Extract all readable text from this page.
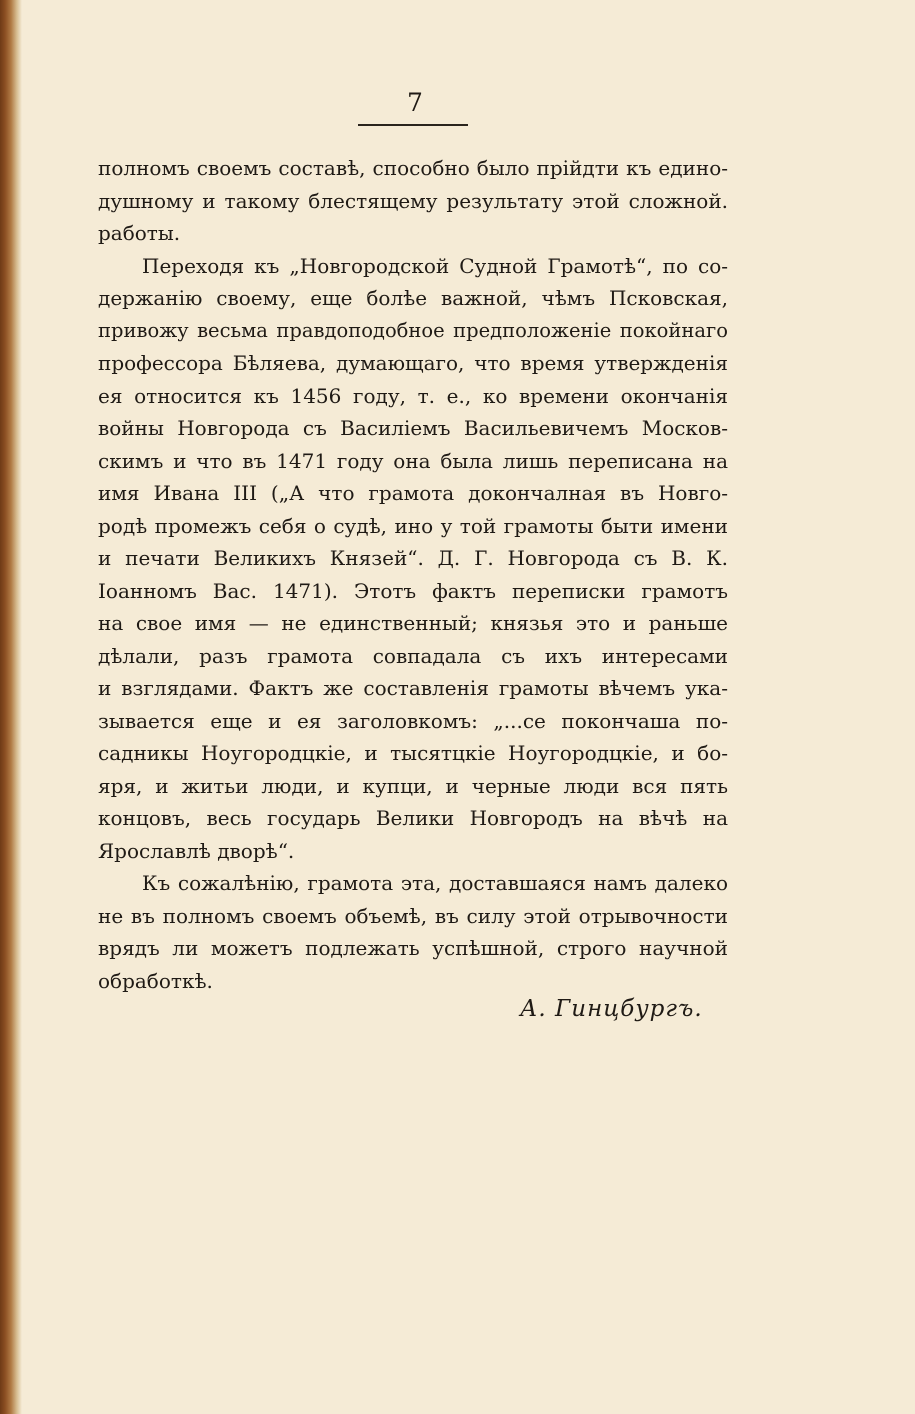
7
полномъ своемъ составѣ, способно было прійдти къ едино-
душному и такому блестящему результату этой сложной.
работы.
Переходя къ „Новгородской Судной Грамотѣ“, по со-
держанію своему, еще болѣе важной, чѣмъ Псковская,
привожу весьма правдоподобное предположеніе покойнаго
профессора Бѣляева, думающаго, что время утвержденія
ея относится къ 1456 году, т. е., ко времени окончанія
войны Новгорода съ Василіемъ Васильевичемъ Москов-
скимъ и что въ 1471 году она была лишь переписана на
имя Ивана III („А что грамота докончалная въ Новго-
родѣ промежъ себя о судѣ, ино у той грамоты быти имени
и печати Великихъ Князей“. Д. Г. Новгорода съ В. К.
Іоанномъ Вас. 1471). Этотъ фактъ переписки грамотъ
на свое имя — не единственный; князья это и раньше
дѣлали, разъ грамота совпадала съ ихъ интересами
и взглядами. Фактъ же составленія грамоты вѣчемъ ука-
зывается еще и ея заголовкомъ: „...се покончаша по-
садникы Ноугородцкіе, и тысятцкіе Ноугородцкіе, и бо-
яря, и житьи люди, и купци, и черные люди вся пять
концовъ, весь государь Велики Новгородъ на вѣчѣ на
Ярославлѣ дворѣ“.
Къ сожалѣнію, грамота эта, доставшаяся намъ далеко
не въ полномъ своемъ объемѣ, въ силу этой отрывочности
врядъ ли можетъ подлежать успѣшной, строго научной
обработкѣ.
А. Гинцбургъ.
